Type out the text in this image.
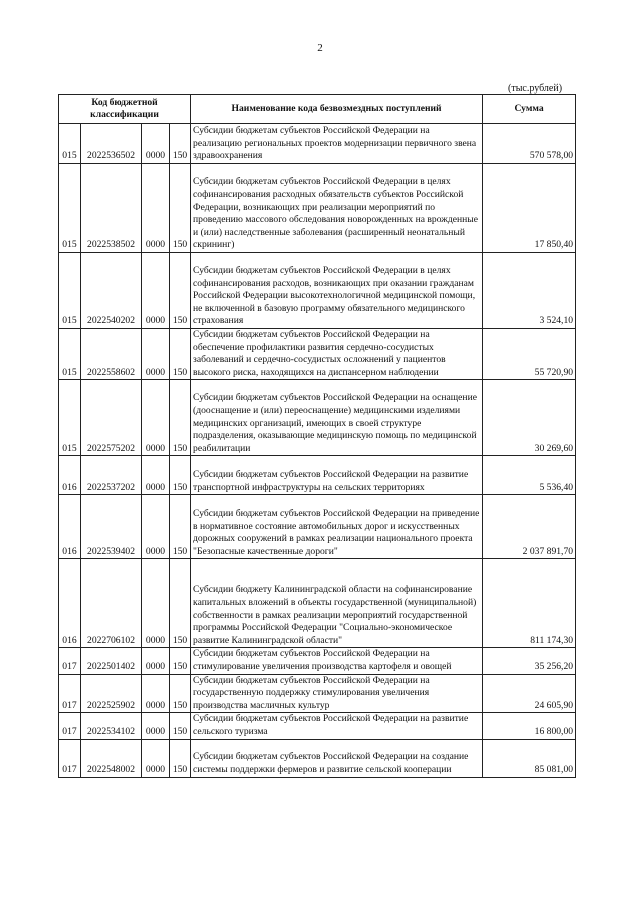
2
(тыс.рублей)
Код бюджетной классификации				Наименование кода безвозмездных поступлений	Сумма
015	2022536502	0000	150	Субсидии бюджетам субъектов Российской Федерации на реализацию региональных проектов модернизации первичного звена здравоохранения	570 578,00
015	2022538502	0000	150	Субсидии бюджетам субъектов Российской Федерации в целях софинансирования расходных обязательств субъектов Российской Федерации, возникающих при реализации мероприятий по проведению массового обследования новорожденных на врожденные и (или) наследственные заболевания (расширенный неонатальный скрининг)	17 850,40
015	2022540202	0000	150	Субсидии бюджетам субъектов Российской Федерации в целях софинансирования расходов, возникающих при оказании гражданам Российской Федерации высокотехнологичной медицинской помощи, не включенной в базовую программу обязательного медицинского страхования	3 524,10
015	2022558602	0000	150	Субсидии бюджетам субъектов Российской Федерации на обеспечение профилактики развития сердечно-сосудистых заболеваний и сердечно-сосудистых осложнений у пациентов высокого риска, находящихся на диспансерном наблюдении	55 720,90
015	2022575202	0000	150	Субсидии бюджетам субъектов Российской Федерации на оснащение (дооснащение и (или) переоснащение) медицинскими изделиями медицинских организаций, имеющих в своей структуре подразделения, оказывающие медицинскую помощь по медицинской реабилитации	30 269,60
016	2022537202	0000	150	Субсидии бюджетам субъектов Российской Федерации на развитие транспортной инфраструктуры на сельских территориях	5 536,40
016	2022539402	0000	150	Субсидии бюджетам субъектов Российской Федерации на приведение в нормативное состояние автомобильных дорог и искусственных дорожных сооружений в рамках реализации национального проекта "Безопасные качественные дороги"	2 037 891,70
016	2022706102	0000	150	Субсидии бюджету Калининградской области на софинансирование капитальных вложений в объекты государственной (муниципальной) собственности в рамках реализации мероприятий государственной программы Российской Федерации "Социально-экономическое развитие Калининградской области"	811 174,30
017	2022501402	0000	150	Субсидии бюджетам субъектов Российской Федерации на стимулирование увеличения производства картофеля и овощей	35 256,20
017	2022525902	0000	150	Субсидии бюджетам субъектов Российской Федерации на государственную поддержку стимулирования увеличения производства масличных культур	24 605,90
017	2022534102	0000	150	Субсидии бюджетам субъектов Российской Федерации на развитие сельского туризма	16 800,00
017	2022548002	0000	150	Субсидии бюджетам субъектов Российской Федерации на создание системы поддержки фермеров и развитие сельской кооперации	85 081,00
